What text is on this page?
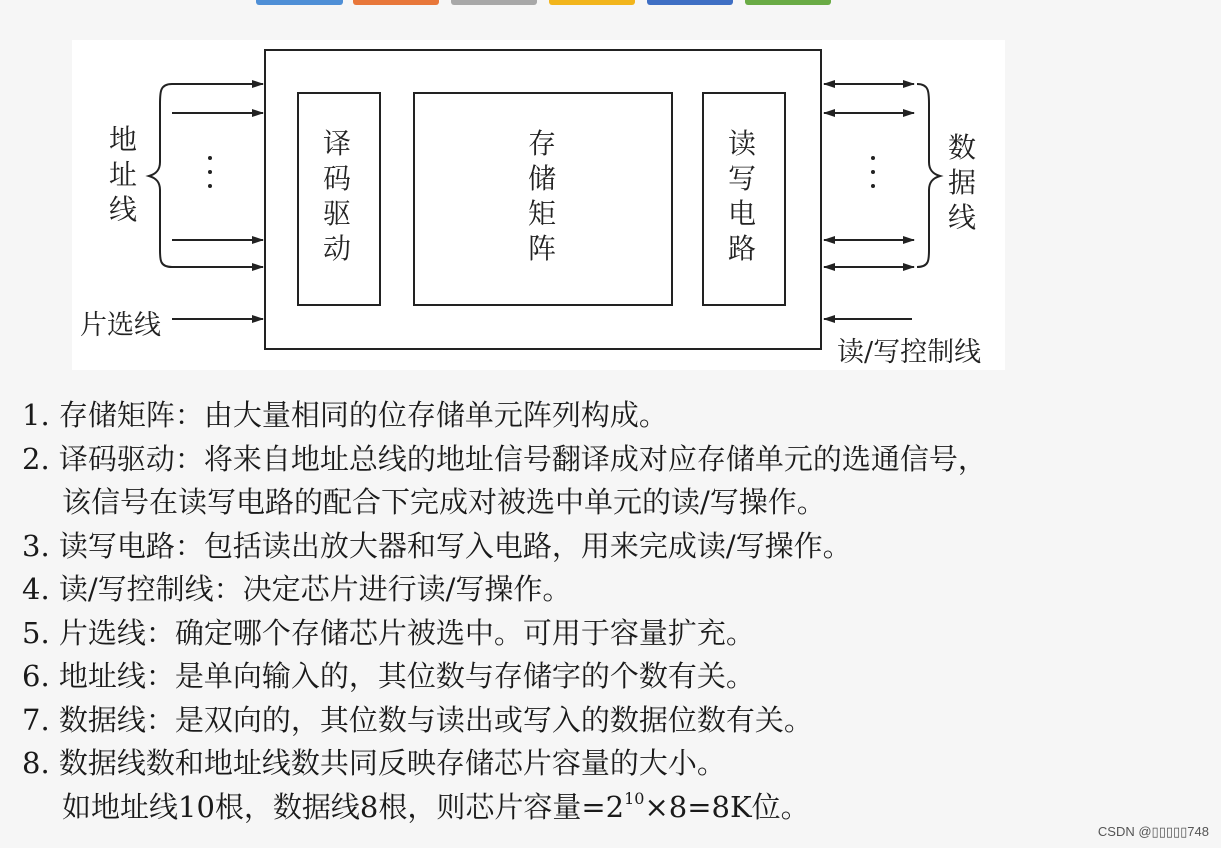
译
码
驱
动
存
储
矩
阵
读
写
电
路
地
址
线
数
据
线
片选线
读/写控制线
1. 存储矩阵：由大量相同的位存储单元阵列构成。
2. 译码驱动：将来自地址总线的地址信号翻译成对应存储单元的选通信号，
该信号在读写电路的配合下完成对被选中单元的读/写操作。
3. 读写电路：包括读出放大器和写入电路，用来完成读/写操作。
4. 读/写控制线：决定芯片进行读/写操作。
5. 片选线：确定哪个存储芯片被选中。可用于容量扩充。
6. 地址线：是单向输入的，其位数与存储字的个数有关。
7. 数据线：是双向的，其位数与读出或写入的数据位数有关。
8. 数据线数和地址线数共同反映存储芯片容量的大小。
如地址线10根，数据线8根，则芯片容量$=2^{10}\times 8=8K$位。
CSDN @▯▯▯▯▯748
